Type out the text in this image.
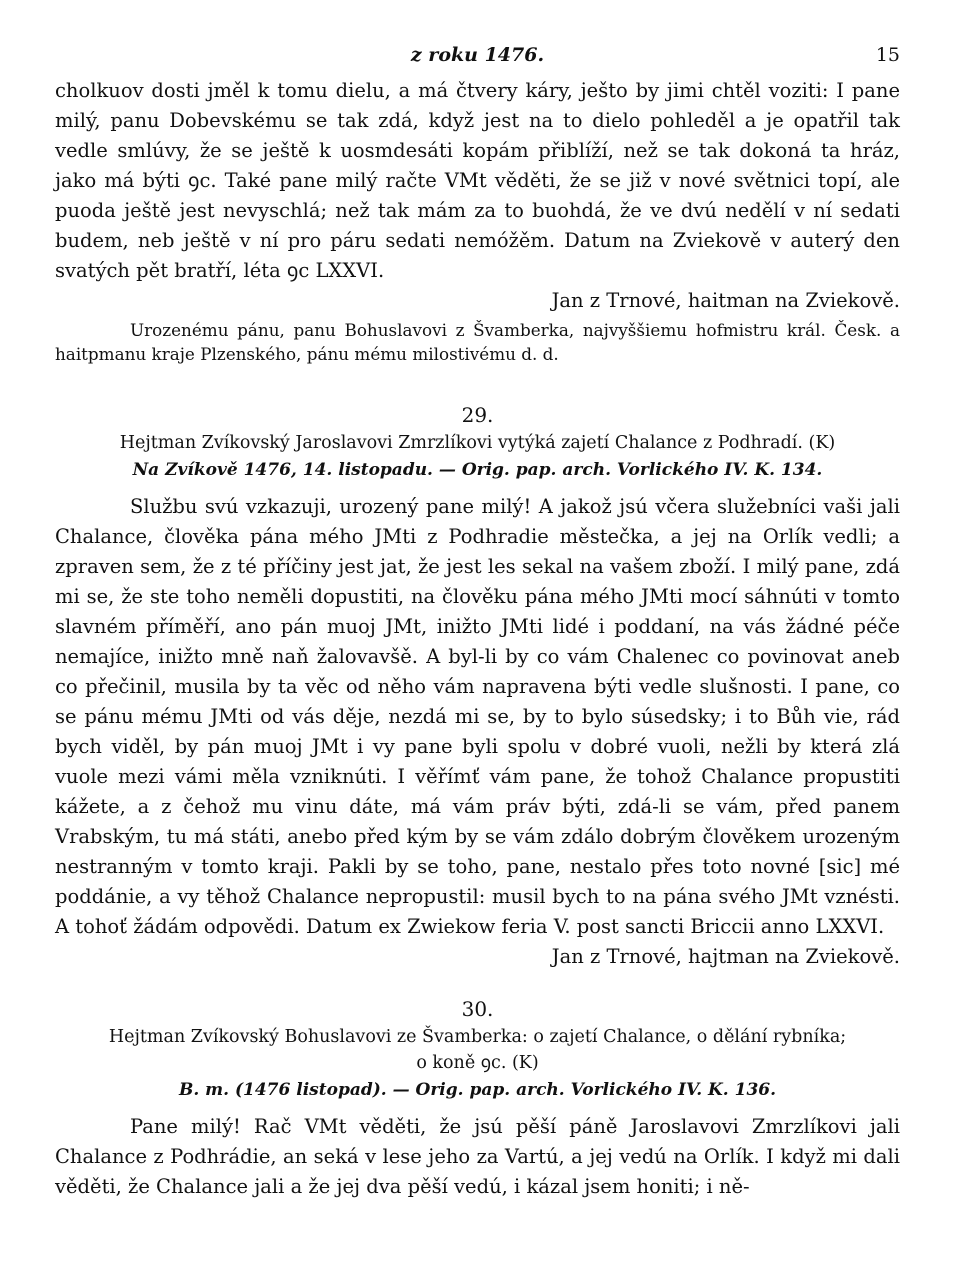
z roku 1476.	15

cholkuov dosti jměl k tomu dielu, a má čtvery káry, ješto by jimi chtěl voziti: I pane milý, panu Dobevskému se tak zdá, když jest na to dielo pohleděl a je opatřil tak vedle smlúvy, že se ještě k uosmdesáti kopám přiblíží, než se tak dokoná ta hráz, jako má býti ꝯc. Také pane milý račte VMt věděti, že se již v nové světnici topí, ale puoda ještě jest nevyschlá; než tak mám za to buohdá, že ve dvú nedělí v ní sedati budem, neb ještě v ní pro páru sedati nemóžěm. Datum na Zviekově v auterý den svatých pět bratří, léta ꝯc LXXVI.

Jan z Trnové, haitman na Zviekově.
Urozenému pánu, panu Bohuslavovi z Švamberka, najvyššiemu hofmistru král. Česk. a haitpmanu kraje Plzenského, pánu mému milostivému d. d.
29.
Hejtman Zvíkovský Jaroslavovi Zmrzlíkovi vytýká zajetí Chalance z Podhradí. (K)
Na Zvíkově 1476, 14. listopadu. — Orig. pap. arch. Vorlického IV. K. 134.

Službu svú vzkazuji, urozený pane milý! A jakož jsú včera služebníci vaši jali Chalance, člověka pána mého JMti z Podhradie městečka, a jej na Orlík vedli; a zpraven sem, že z té příčiny jest jat, že jest les sekal na vašem zboží. I milý pane, zdá mi se, že ste toho neměli dopustiti, na člověku pána mého JMti mocí sáhnúti v tomto slavném příměří, ano pán muoj JMt, inižto JMti lidé i poddaní, na vás žádné péče nemajíce, inižto mně naň žalovavšě. A byl-li by co vám Chalenec co povinovat aneb co přečinil, musila by ta věc od něho vám napravena býti vedle slušnosti. I pane, co se pánu mému JMti od vás děje, nezdá mi se, by to bylo súsedsky; i to Bůh vie, rád bych viděl, by pán muoj JMt i vy pane byli spolu v dobré vuoli, nežli by která zlá vuole mezi vámi měla vzniknúti. I věřímť vám pane, že tohož Chalance propustiti kážete, a z čehož mu vinu dáte, má vám práv býti, zdá-li se vám, před panem Vrabským, tu má státi, anebo před kým by se vám zdálo dobrým člověkem urozeným nestranným v tomto kraji. Pakli by se toho, pane, nestalo přes toto novné [sic] mé poddánie, a vy těhož Chalance nepropustil: musil bych to na pána svého JMt vznésti. A tohoť žádám odpovědi. Datum ex Zwiekow feria V. post sancti Briccii anno LXXVI.
Jan z Trnové, hajtman na Zviekově.

30.
Hejtman Zvíkovský Bohuslavovi ze Švamberka: o zajetí Chalance, o dělání rybníka;
o koně ꝯc. (K)
B. m. (1476 listopad). — Orig. pap. arch. Vorlického IV. K. 136.

Pane milý! Rač VMt věděti, že jsú pěší páně Jaroslavovi Zmrzlíkovi jali Chalance z Podhrádie, an seká v lese jeho za Vartú, a jej vedú na Orlík. I když mi dali věděti, že Chalance jali a že jej dva pěší vedú, i kázal jsem honiti; i ně-
